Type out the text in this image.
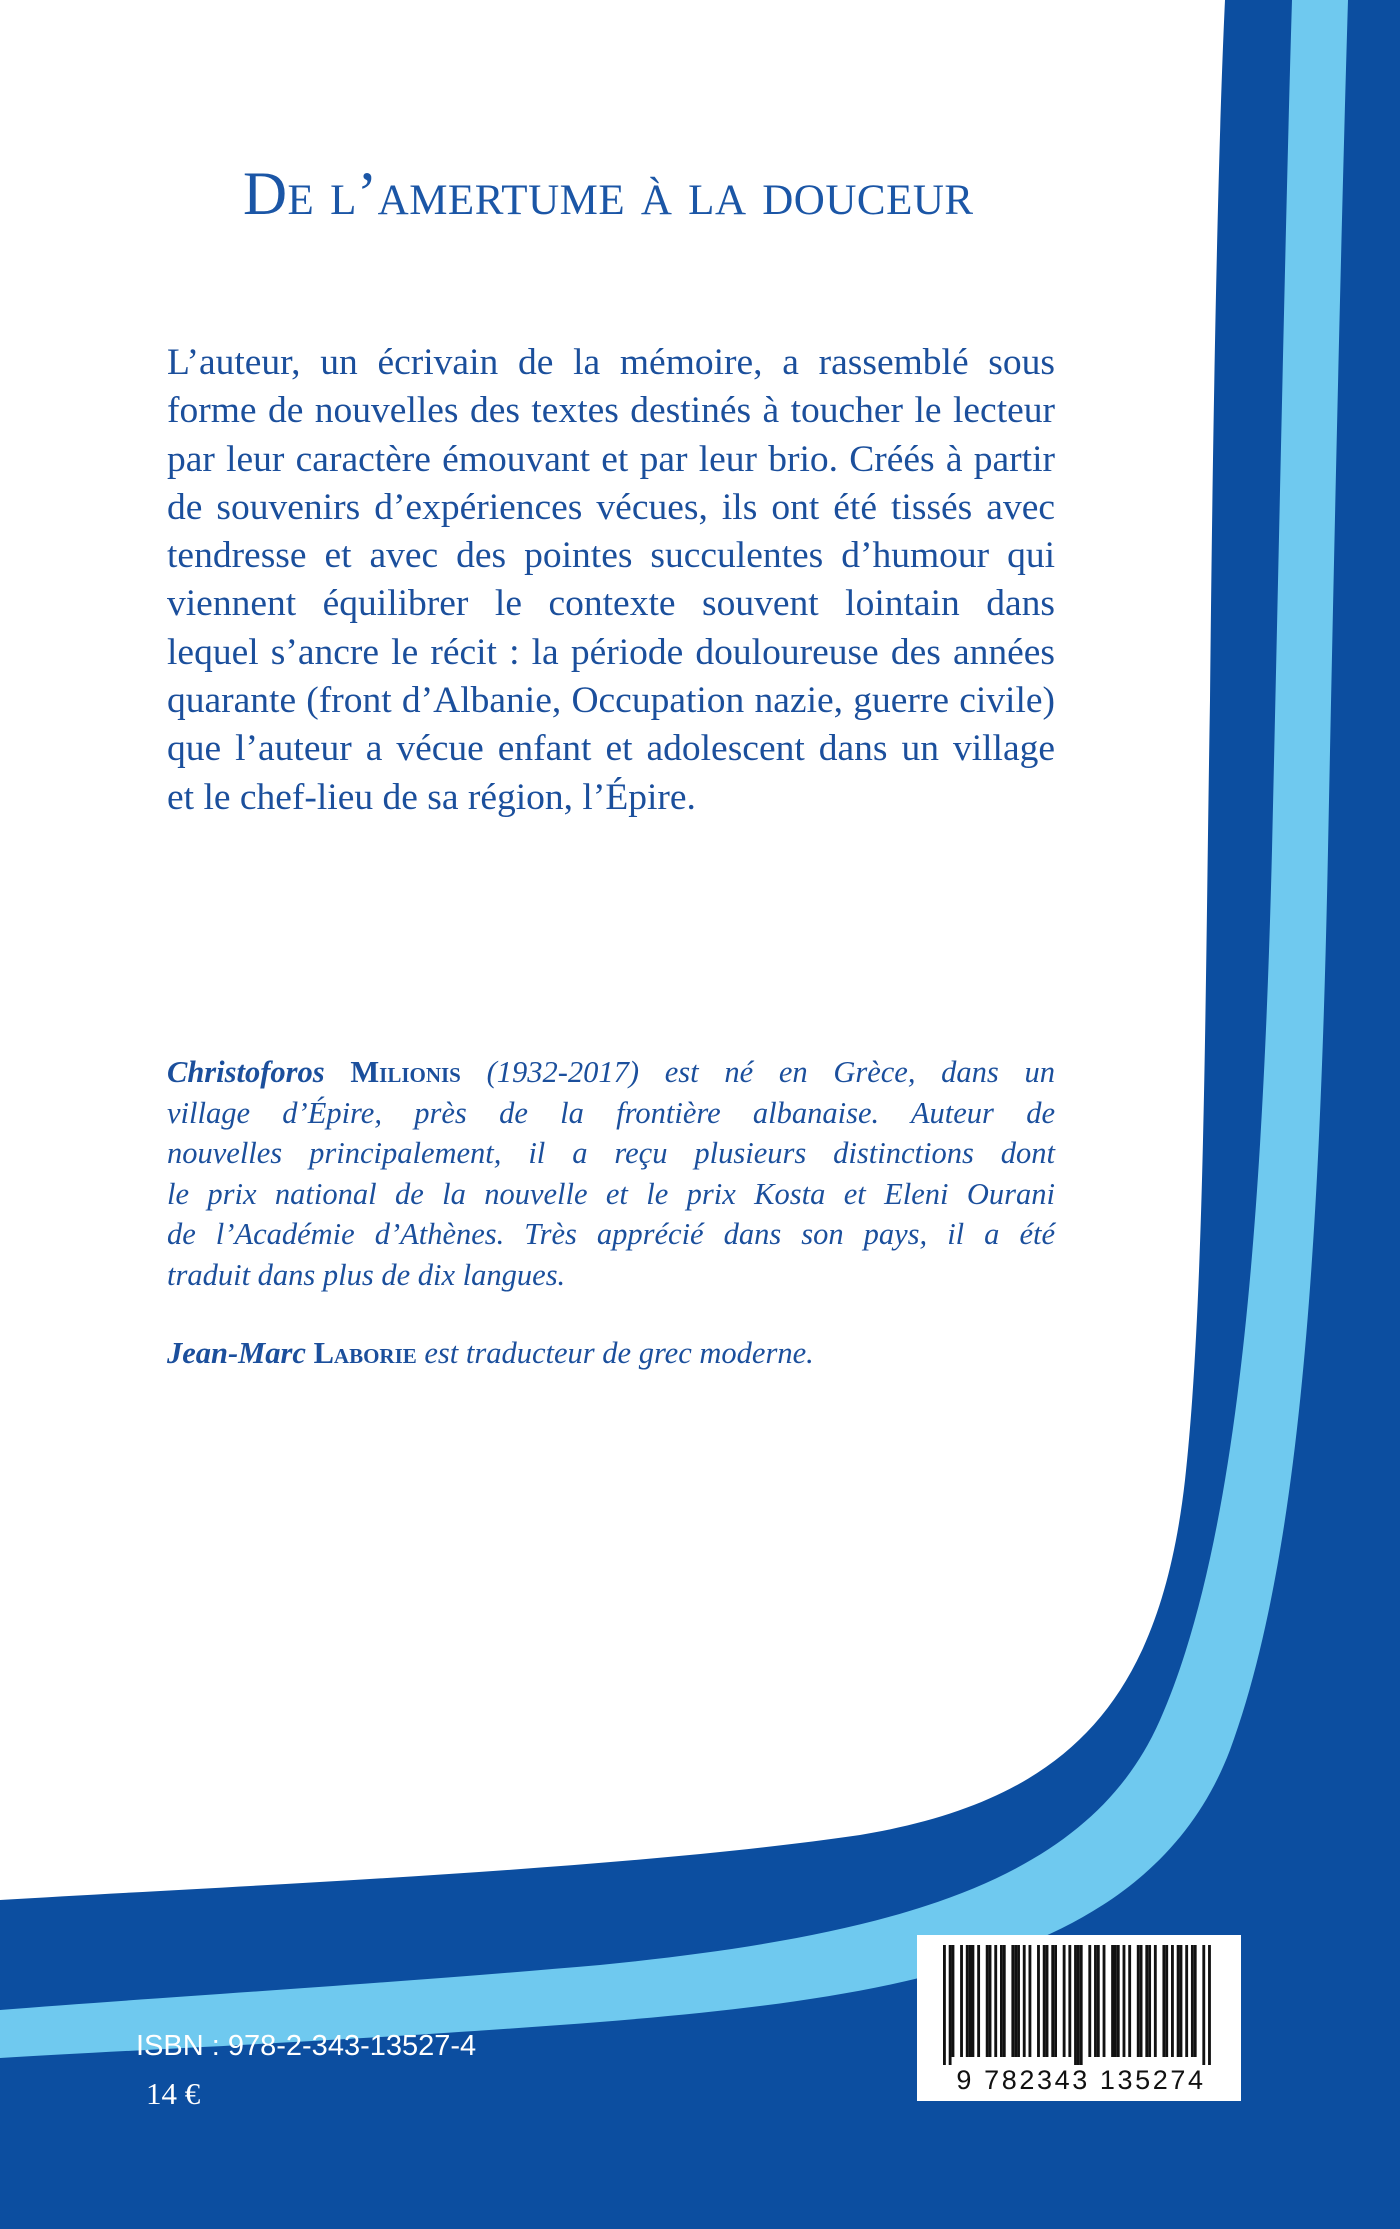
De l’amertume à la douceur

L’auteur, un écrivain de la mémoire, a rassemblé sous
forme de nouvelles des textes destinés à toucher le lecteur
par leur caractère émouvant et par leur brio. Créés à partir
de souvenirs d’expériences vécues, ils ont été tissés avec
tendresse et avec des pointes succulentes d’humour qui
viennent équilibrer le contexte souvent lointain dans
lequel s’ancre le récit : la période douloureuse des années
quarante (front d’Albanie, Occupation nazie, guerre civile)
que l’auteur a vécue enfant et adolescent dans un village
et le chef-lieu de sa région, l’Épire.

Christoforos Milionis (1932-2017) est né en Grèce, dans un
village d’Épire, près de la frontière albanaise. Auteur de
nouvelles principalement, il a reçu plusieurs distinctions dont
le prix national de la nouvelle et le prix Kosta et Eleni Ourani
de l’Académie d’Athènes. Très apprécié dans son pays, il a été
traduit dans plus de dix langues.

Jean-Marc Laborie est traducteur de grec moderne.

ISBN : 978-2-343-13527-4

14 €	9 782343 135274
